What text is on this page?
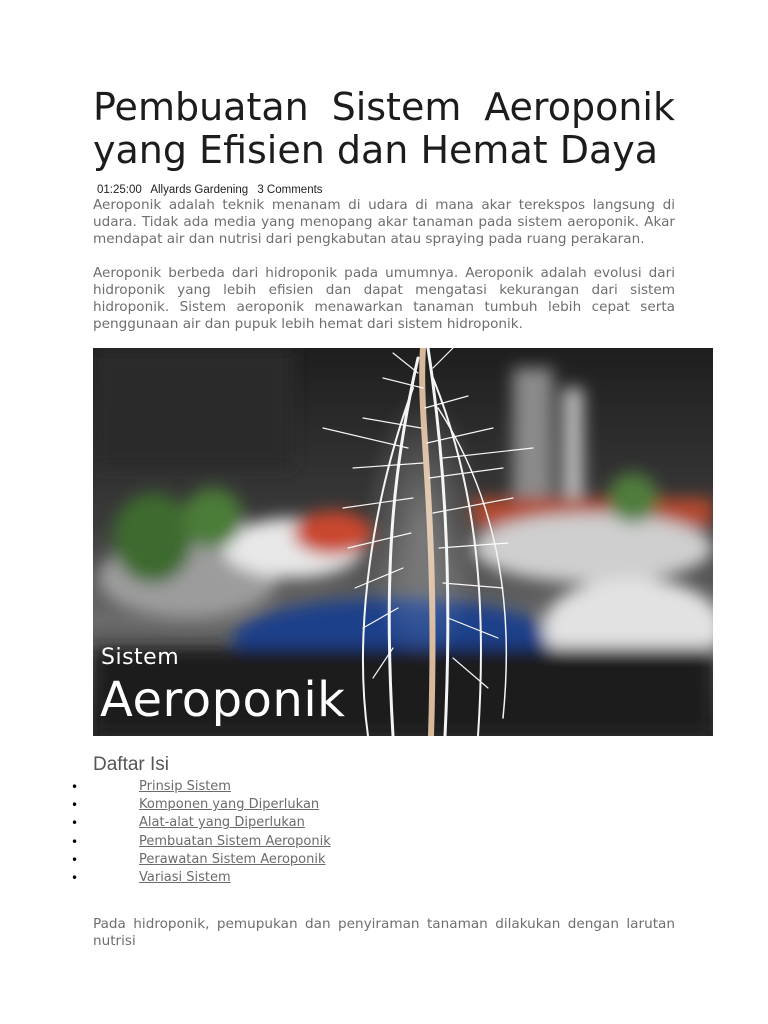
Pembuatan Sistem Aeroponik yang Efisien dan Hemat Daya
01:25:00 Allyards Gardening 3 Comments

Aeroponik adalah teknik menanam di udara di mana akar terekspos langsung di udara. Tidak ada media yang menopang akar tanaman pada sistem aeroponik. Akar mendapat air dan nutrisi dari pengkabutan atau spraying pada ruang perakaran.

Aeroponik berbeda dari hidroponik pada umumnya. Aeroponik adalah evolusi dari hidroponik yang lebih efisien dan dapat mengatasi kekurangan dari sistem hidroponik. Sistem aeroponik menawarkan tanaman tumbuh lebih cepat serta penggunaan air dan pupuk lebih hemat dari sistem hidroponik.

Sistem
Aeroponik
Daftar Isi
•	Prinsip Sistem
•	Komponen yang Diperlukan
•	Alat-alat yang Diperlukan
•	Pembuatan Sistem Aeroponik
•	Perawatan Sistem Aeroponik
•	Variasi Sistem

Pada hidroponik, pemupukan dan penyiraman tanaman dilakukan dengan larutan nutrisi
